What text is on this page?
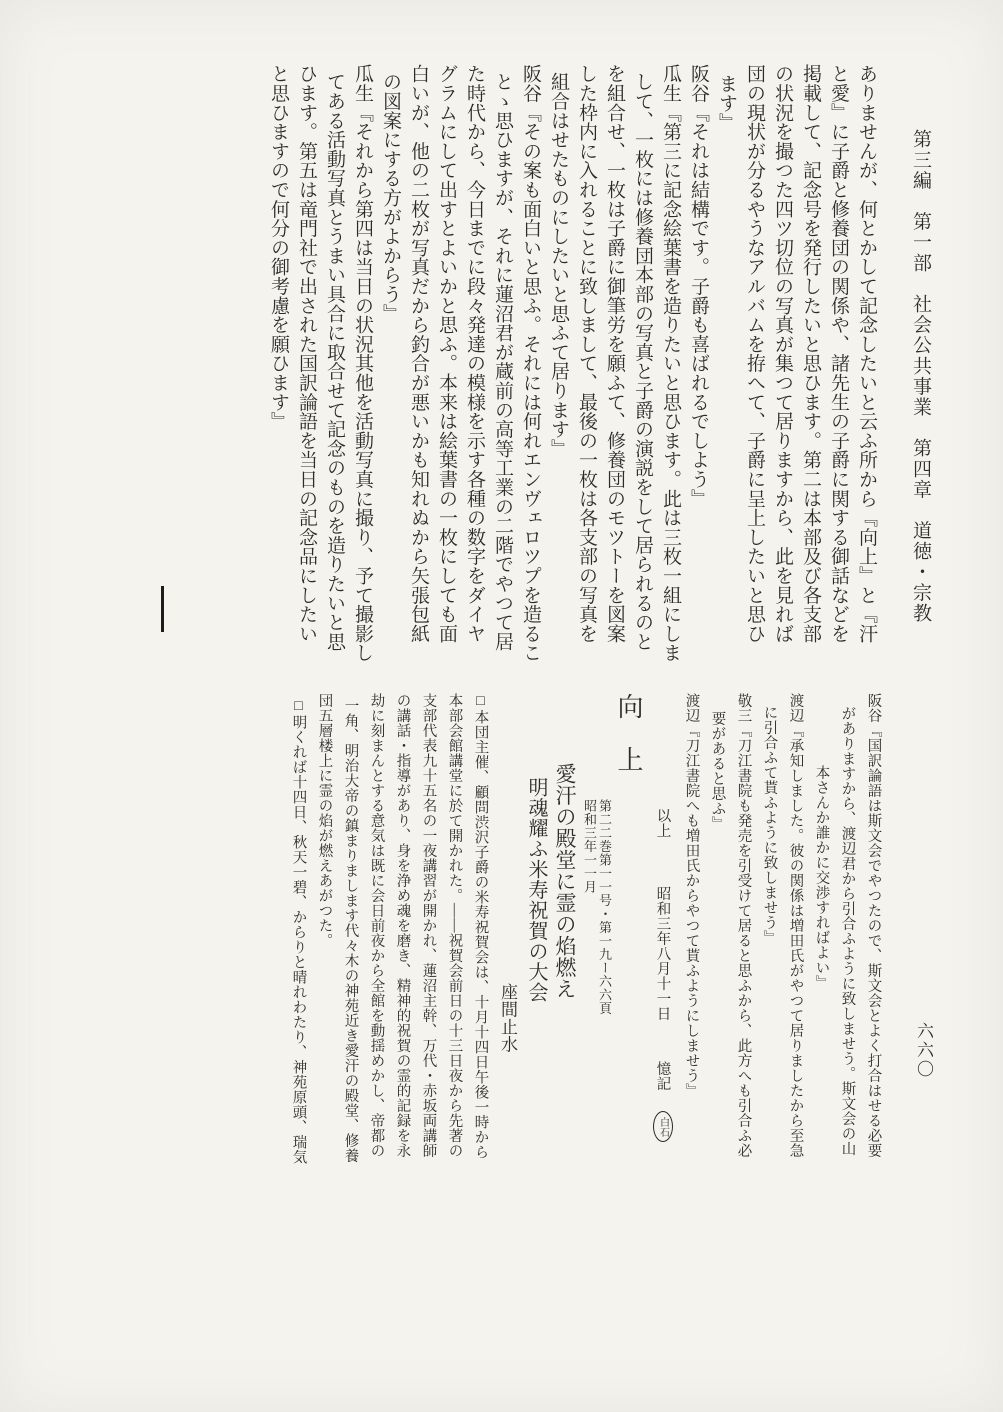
第三編　第一部　社会公共事業　第四章　道徳・宗教
六六〇

ありませんが、何とかして記念したいと云ふ所から『向上』と『汗

と愛』に子爵と修養団の関係や、諸先生の子爵に関する御話などを

掲載して、記念号を発行したいと思ひます。第二は本部及び各支部

の状況を撮つた四ツ切位の写真が集つて居りますから、此を見れば

団の現状が分るやうなアルバムを拵へて、子爵に呈上したいと思ひ

ます』

阪谷『それは結構です。子爵も喜ばれるでしよう』

瓜生『第三に記念絵葉書を造りたいと思ひます。此は三枚一組にしま

して、一枚には修養団本部の写真と子爵の演説をして居られるのと

を組合せ、一枚は子爵に御筆労を願ふて、修養団のモツトーを図案

した枠内に入れることに致しまして、最後の一枚は各支部の写真を

組合はせたものにしたいと思ふて居ります』

阪谷『その案も面白いと思ふ。それには何れエンヴェロツプを造るこ

とゝ思ひますが、それに蓮沼君が蔵前の高等工業の二階でやつて居

た時代から、今日までに段々発達の模様を示す各種の数字をダイヤ

グラムにして出すとよいかと思ふ。本来は絵葉書の一枚にしても面

白いが、他の二枚が写真だから釣合が悪いかも知れぬから矢張包紙

の図案にする方がよからう』

瓜生『それから第四は当日の状況其他を活動写真に撮り、予て撮影し

てある活動写真とうまい具合に取合せて記念のものを造りたいと思

ひます。第五は竜門社で出された国訳論語を当日の記念品にしたい

と思ひますので何分の御考慮を願ひます』

阪谷『国訳論語は斯文会でやつたので、斯文会とよく打合はせる必要

がありますから、渡辺君から引合ふように致しませう。斯文会の山

本さんか誰かに交渉すればよい』

渡辺『承知しました。彼の関係は増田氏がやつて居りましたから至急

に引合ふて貰ふように致しませう』

敬三『刀江書院も発売を引受けて居ると思ふから、此方へも引合ふ必

要があると思ふ』

渡辺『刀江書院へも増田氏からやつて貰ふようにしませう』

以上昭和三年八月十一日憶記
白石

向　上

第二二巻第一一号・第一九ー六六頁

昭和三年一一月

愛汗の殿堂に霊の焰燃え

明魂耀ふ米寿祝賀の大会

座間止水

□本団主催、顧問渋沢子爵の米寿祝賀会は、十月十四日午後一時から

本部会館講堂に於て開かれた。――祝賀会前日の十三日夜から先著の

支部代表九十五名の一夜講習が開かれ、蓮沼主幹、万代・赤坂両講師

の講話・指導があり、身を浄め魂を磨き、精神的祝賀の霊的記録を永

劫に刻まんとする意気は既に会日前夜から全館を動揺めかし、帝都の

一角、明治大帝の鎮まりまします代々木の神苑近き愛汗の殿堂、修養

団五層楼上に霊の焰が燃えあがつた。

□明くれば十四日、秋天一碧、からりと晴れわたり、神苑原頭、瑞気
